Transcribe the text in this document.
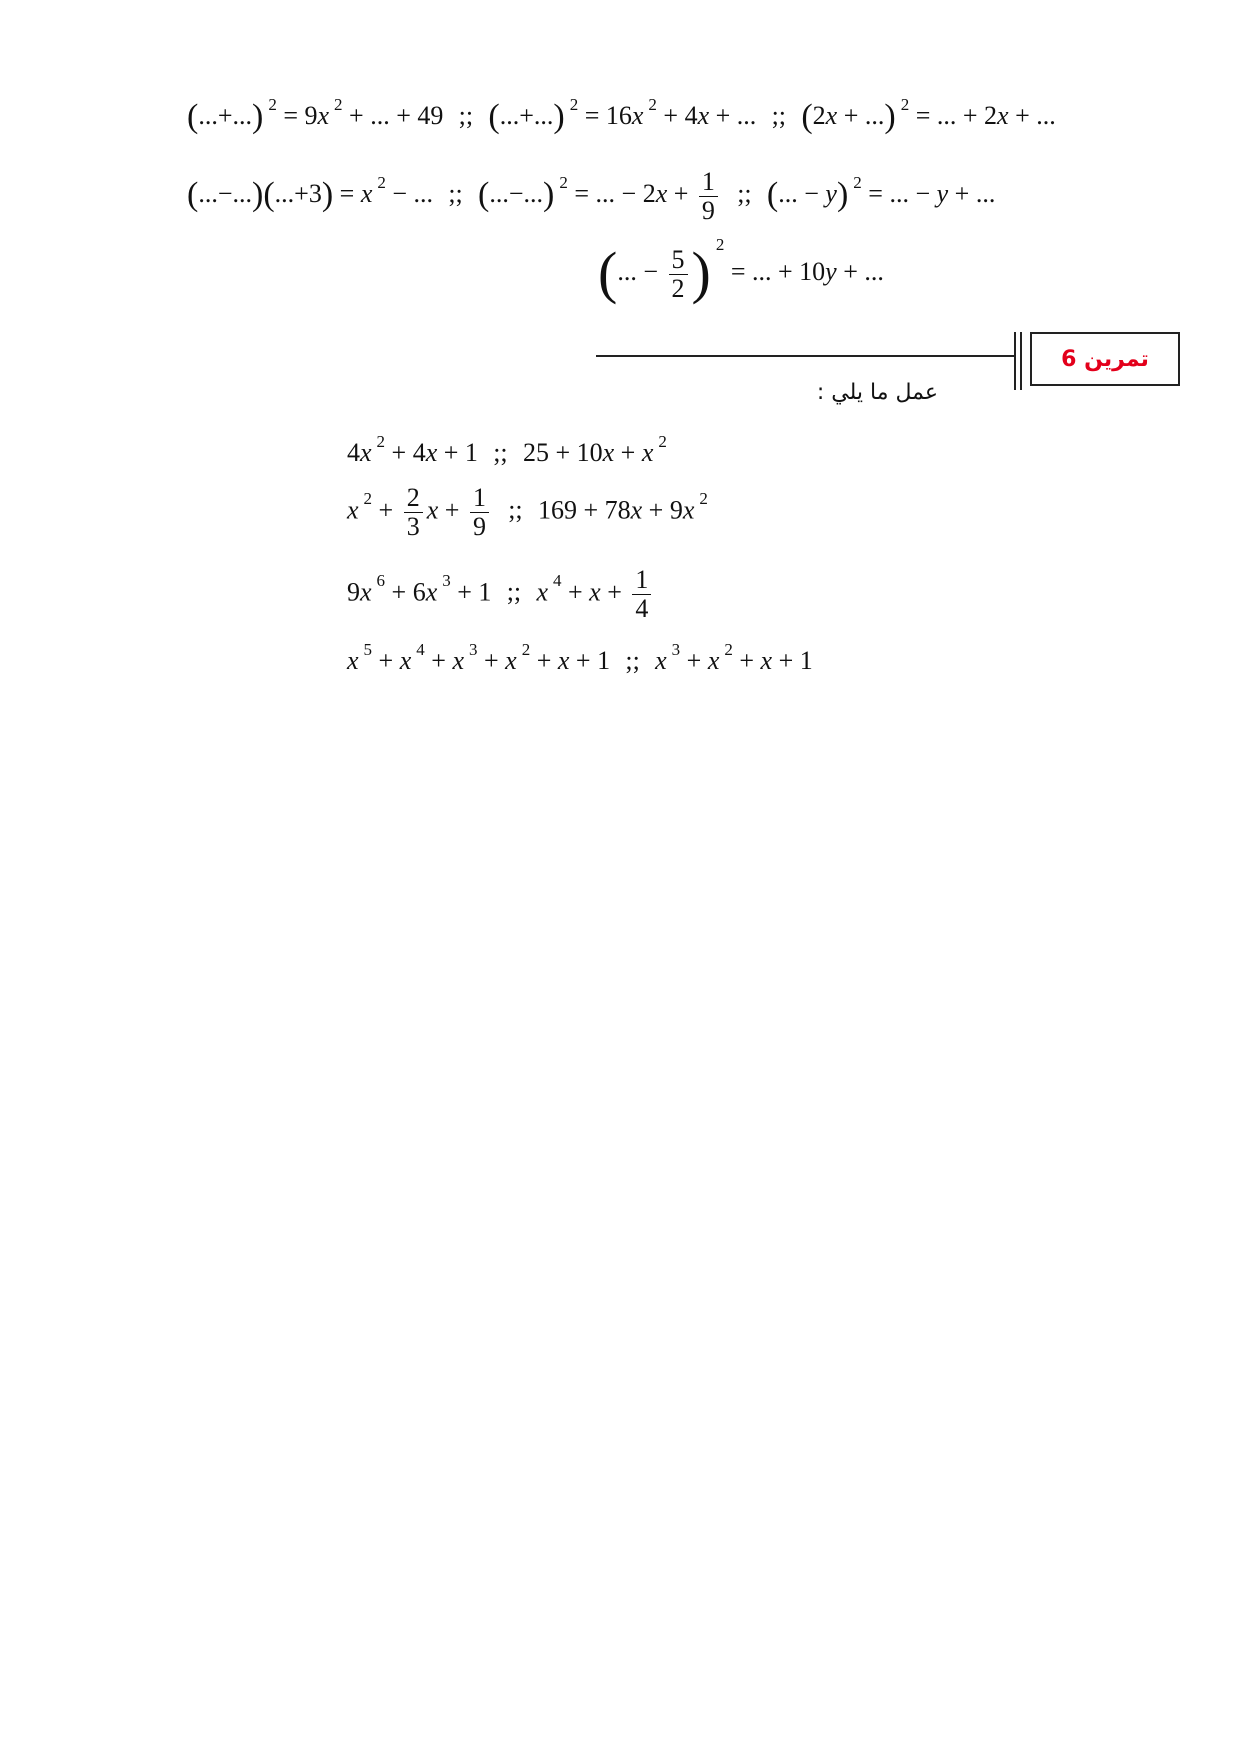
(...+...) $^2$ = 9x $^2$ + ... + 49 ;; (...+...) $^2$ = 16x $^2$ + 4x + ... ;; (2x + ...) $^2$ = ... + 2x + ...
(...−...)(...+3) = x $^2$ − ... ;; (...−...) $^2$ = ... − $2x + \frac{1}{9}$ ;; (... − y) $^2$ = ... − y + ...
(... − $\frac{5}{2}$ ) $^2$ = ... + 10y + ...
تمرين 6
عمل ما يلي :
4x $^2$ + 4x + 1 ;; 25 + 10x + x $^2$
x $^2 + \frac{2}{3}$ $x + \frac{1}{9}$ ;; 169 + 78x + 9x $^2$
9x $^6$ + 6x $^3$ + 1 ;; x $^4 + x + \frac{1}{4}$
x $^5$ + x $^4$ + x $^3$ + x $^2$ + x + 1 ;; x $^3$ + x $^2$ + x + 1
